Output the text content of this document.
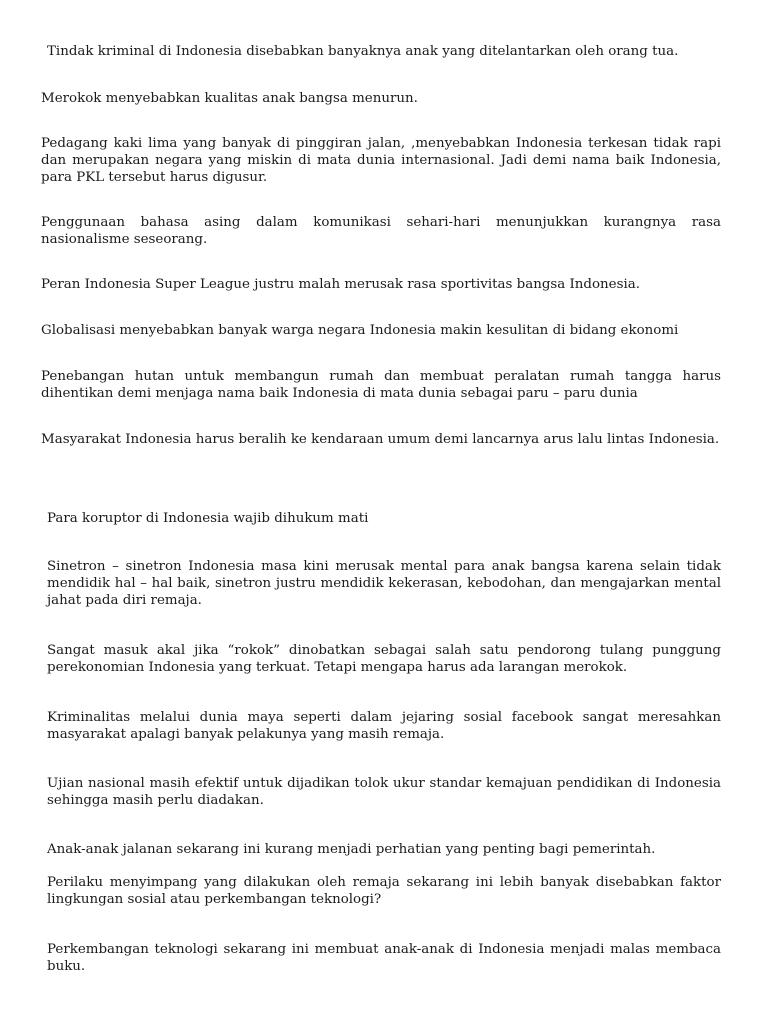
Tindak kriminal di Indonesia disebabkan banyaknya anak yang ditelantarkan oleh orang tua.

Merokok menyebabkan kualitas anak bangsa menurun.

Pedagang kaki lima yang banyak di pinggiran jalan, ,menyebabkan Indonesia terkesan tidak rapi dan merupakan negara yang miskin di mata dunia internasional. Jadi demi nama baik Indonesia, para PKL tersebut harus digusur.

Penggunaan bahasa asing dalam komunikasi sehari-hari menunjukkan kurangnya rasa nasionalisme seseorang.

Peran Indonesia Super League justru malah merusak rasa sportivitas bangsa Indonesia.

Globalisasi menyebabkan banyak warga negara Indonesia makin kesulitan di bidang ekonomi

Penebangan hutan untuk membangun rumah dan membuat peralatan rumah tangga harus dihentikan demi menjaga nama baik Indonesia di mata dunia sebagai paru – paru dunia

Masyarakat Indonesia harus beralih ke kendaraan umum demi lancarnya arus lalu lintas Indonesia.

Para koruptor di Indonesia wajib dihukum mati

Sinetron – sinetron Indonesia masa kini merusak mental para anak bangsa karena selain tidak mendidik hal – hal baik, sinetron justru mendidik kekerasan, kebodohan, dan mengajarkan mental jahat pada diri remaja.

Sangat masuk akal jika “rokok” dinobatkan sebagai salah satu pendorong tulang punggung perekonomian Indonesia yang terkuat. Tetapi mengapa harus ada larangan merokok.

Kriminalitas melalui dunia maya seperti dalam jejaring sosial facebook sangat meresahkan masyarakat apalagi banyak pelakunya yang masih remaja.

Ujian nasional masih efektif untuk dijadikan tolok ukur standar kemajuan pendidikan di Indonesia sehingga masih perlu diadakan.

Anak-anak jalanan sekarang ini kurang menjadi perhatian yang penting bagi pemerintah.

Perilaku menyimpang yang dilakukan oleh remaja sekarang ini lebih banyak disebabkan faktor lingkungan sosial atau perkembangan teknologi?

Perkembangan teknologi sekarang ini membuat anak-anak di Indonesia menjadi malas membaca buku.
